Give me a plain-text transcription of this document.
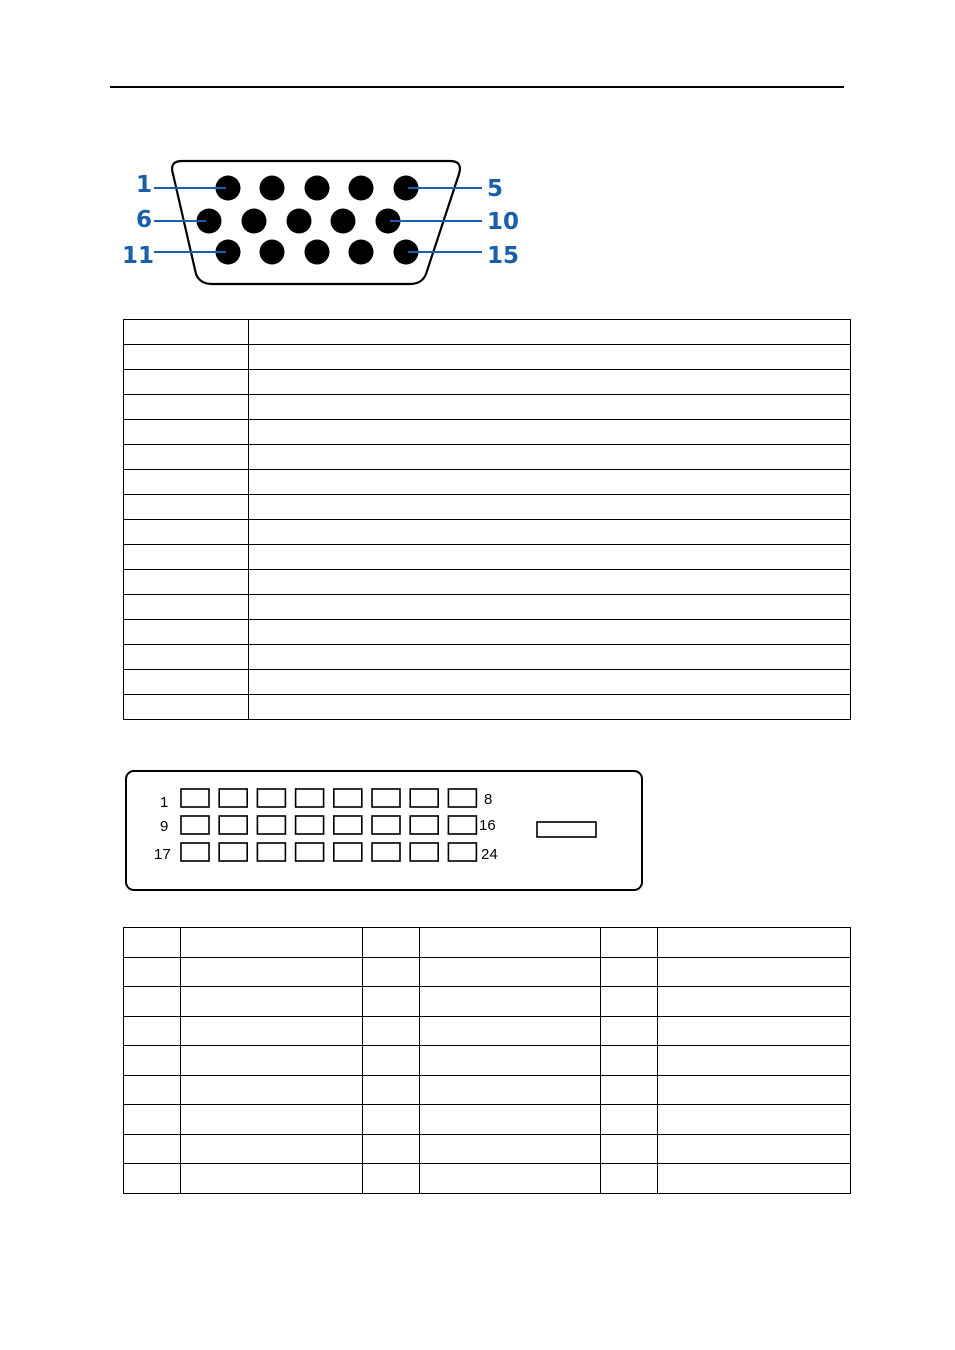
1
6
11
5
10
15

1
9
17
8
16
24
